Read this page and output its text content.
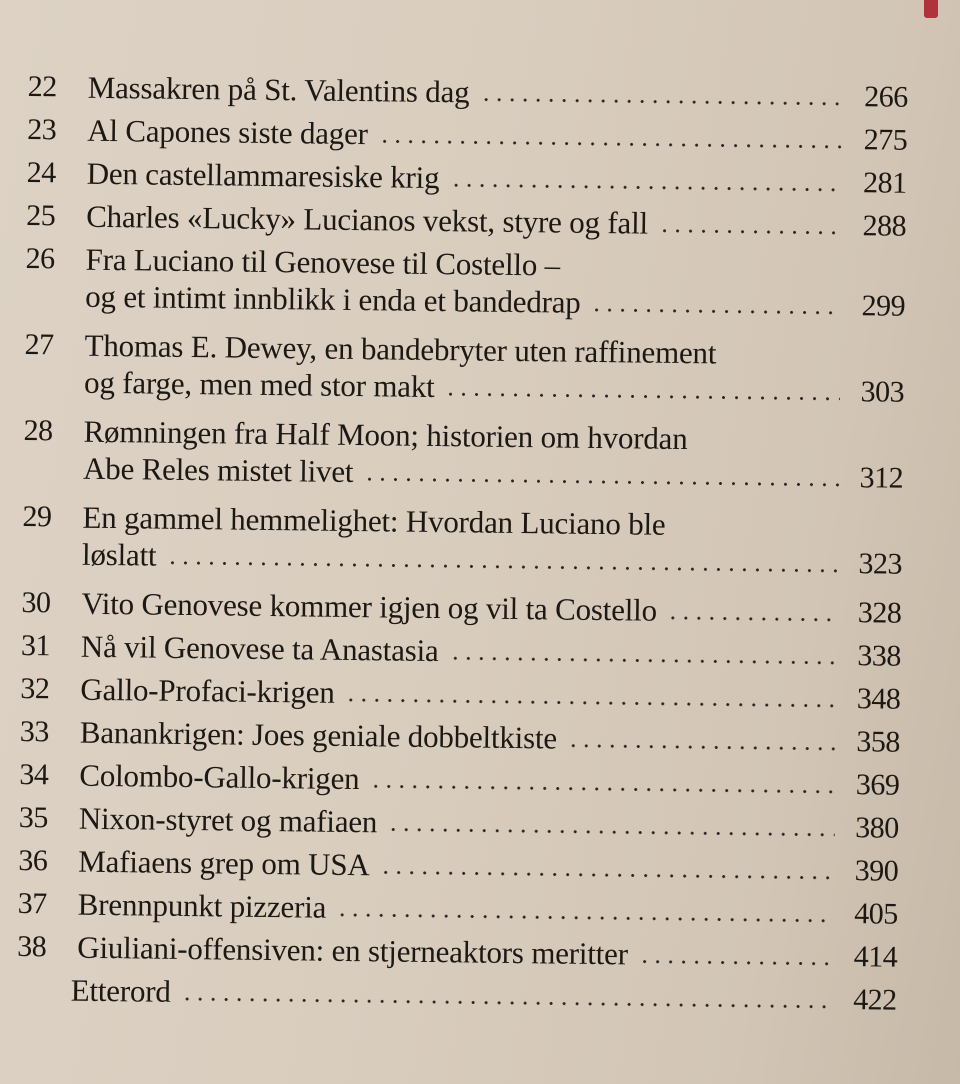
22 Massakren på St. Valentins dag	266
23 Al Capones siste dager	275
24 Den castellammaresiske krig	281
25 Charles «Lucky» Lucianos vekst, styre og fall	288
26 Fra Luciano til Genovese til Costello –
og et intimt innblikk i enda et bandedrap	299
27 Thomas E. Dewey, en bandebryter uten raffinement
og farge, men med stor makt	303
28 Rømningen fra Half Moon; historien om hvordan
Abe Reles mistet livet	312
29 En gammel hemmelighet: Hvordan Luciano ble
løslatt	323
30 Vito Genovese kommer igjen og vil ta Costello	328
31 Nå vil Genovese ta Anastasia	338
32 Gallo-Profaci-krigen	348
33 Banankrigen: Joes geniale dobbeltkiste	358
34 Colombo-Gallo-krigen	369
35 Nixon-styret og mafiaen	380
36 Mafiaens grep om USA	390
37 Brennpunkt pizzeria	405
38 Giuliani-offensiven: en stjerneaktors meritter	414
Etterord	422
